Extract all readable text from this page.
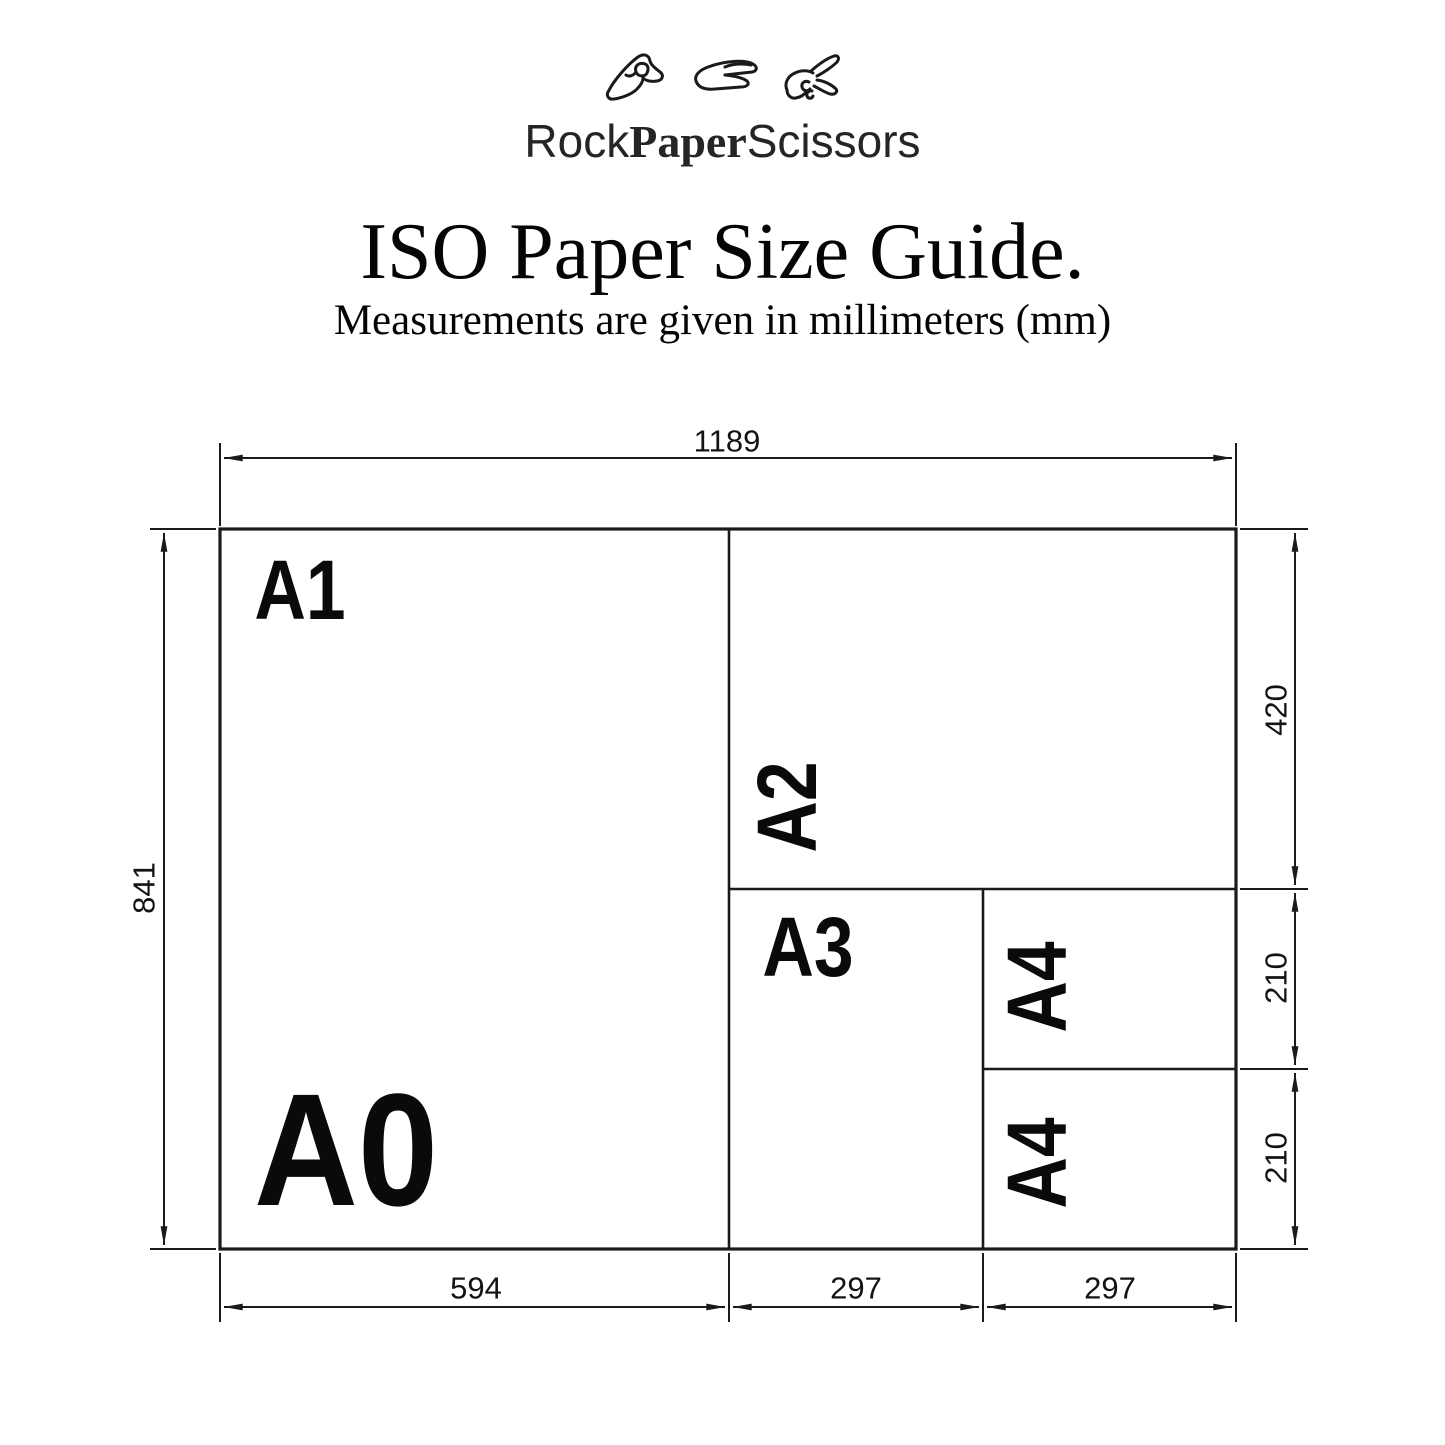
RockPaperScissors
ISO Paper Size Guide.
Measurements are given in millimeters (mm)
A1
A2
A3 A4
A4
A0
1189
841
420
210
210
594	297	297
